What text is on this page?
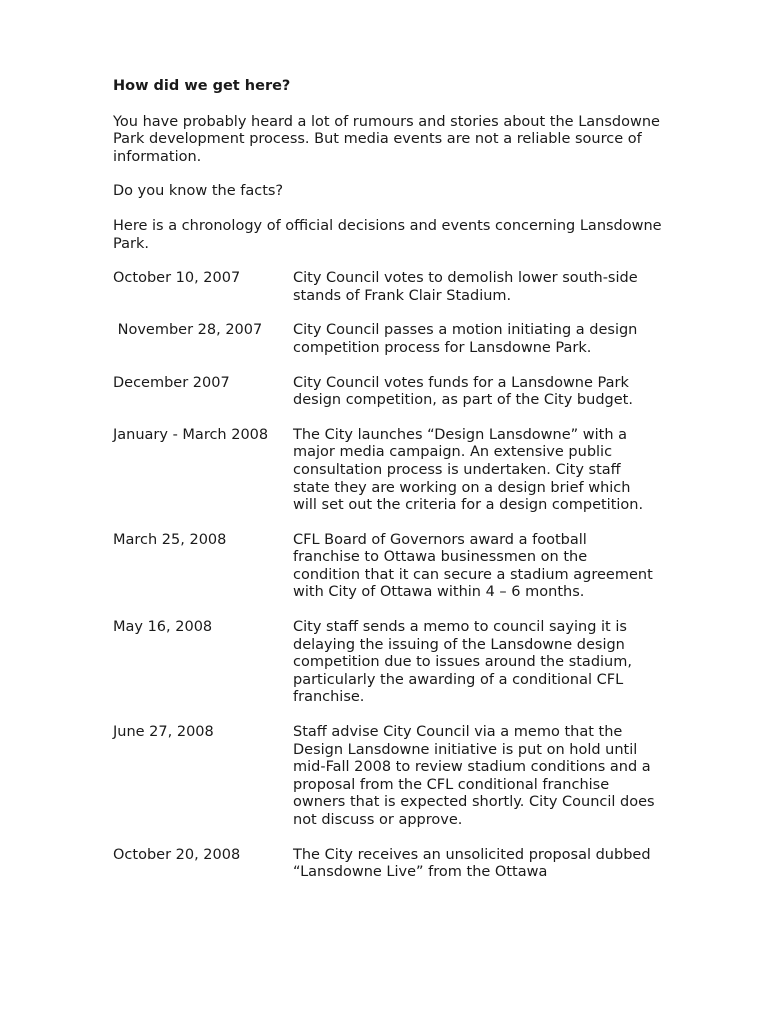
How did we get here?
You have probably heard a lot of rumours and stories about the Lansdowne Park development process. But media events are not a reliable source of information.
Do you know the facts?
Here is a chronology of official decisions and events concerning Lansdowne Park.
October 10, 2007	City Council votes to demolish lower south-side stands of Frank Clair Stadium.
November 28, 2007	City Council passes a motion initiating a design competition process for Lansdowne Park.
December 2007	City Council votes funds for a Lansdowne Park design competition, as part of the City budget.
January - March 2008	The City launches “Design Lansdowne” with a major media campaign. An extensive public consultation process is undertaken. City staff state they are working on a design brief which will set out the criteria for a design competition.
March 25, 2008	CFL Board of Governors award a football franchise to Ottawa businessmen on the condition that it can secure a stadium agreement with City of Ottawa within 4 – 6 months.
May 16, 2008	City staff sends a memo to council saying it is delaying the issuing of the Lansdowne design competition due to issues around the stadium, particularly the awarding of a conditional CFL franchise.
June 27, 2008	Staff advise City Council via a memo that the Design Lansdowne initiative is put on hold until mid-Fall 2008 to review stadium conditions and a proposal from the CFL conditional franchise owners that is expected shortly. City Council does not discuss or approve.
October 20, 2008	The City receives an unsolicited proposal dubbed “Lansdowne Live” from the Ottawa
